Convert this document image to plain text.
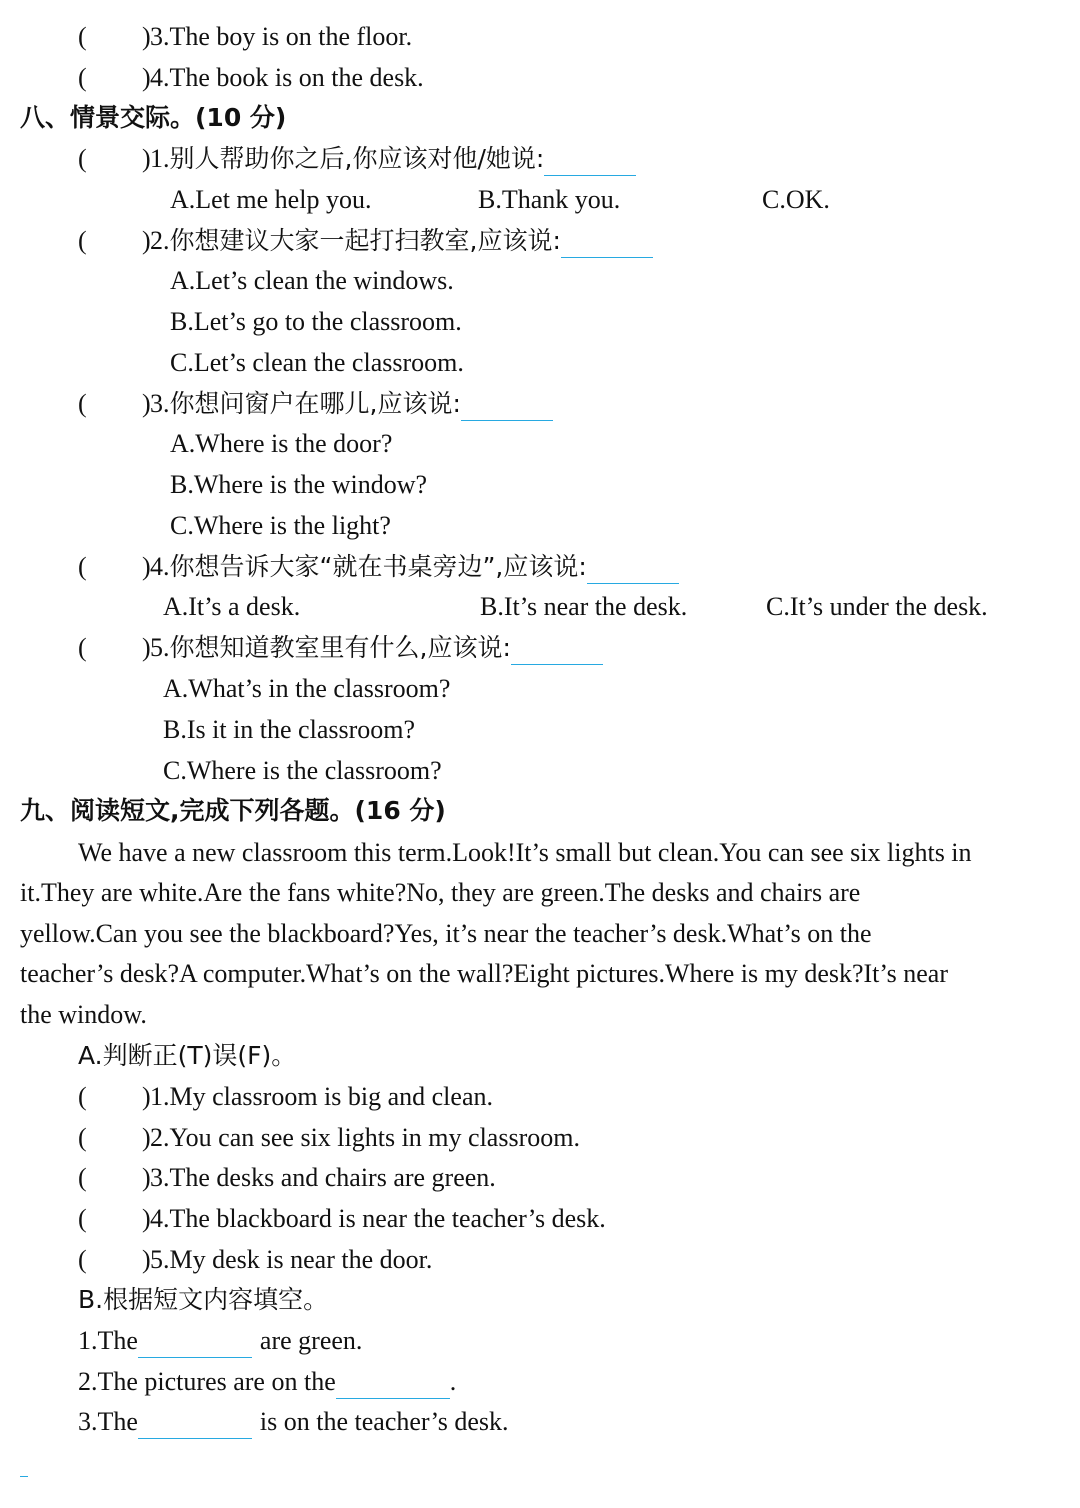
( ) 3.The boy is on the floor.
( ) 4.The book is on the desk.
八、情景交际。(10 分)
( ) 1.别人帮助你之后,你应该对他/她说:
A.Let me help you.	B.Thank you.	C.OK.
( ) 2.你想建议大家一起打扫教室,应该说:
A.Let’s clean the windows.
B.Let’s go to the classroom.
C.Let’s clean the classroom.
( ) 3.你想问窗户在哪儿,应该说:
A.Where is the door?
B.Where is the window?
C.Where is the light?
( ) 4.你想告诉大家“就在书桌旁边”,应该说:
A.It’s a desk.	B.It’s near the desk.	C.It’s under the desk.
( ) 5.你想知道教室里有什么,应该说:
A.What’s in the classroom?
B.Is it in the classroom?
C.Where is the classroom?
九、阅读短文,完成下列各题。(16 分)
We have a new classroom this term.Look!It’s small but clean.You can see six lights in
it.They are white.Are the fans white?No, they are green.The desks and chairs are
yellow.Can you see the blackboard?Yes, it’s near the teacher’s desk.What’s on the
teacher’s desk?A computer.What’s on the wall?Eight pictures.Where is my desk?It’s near
the window.
A.判断正(T)误(F)。
( ) 1.My classroom is big and clean.
( ) 2.You can see six lights in my classroom.
( ) 3.The desks and chairs are green.
( ) 4.The blackboard is near the teacher’s desk.
( ) 5.My desk is near the door.
B.根据短文内容填空。
1.The	are green.
2.The pictures are on the	.
3.The	is on the teacher’s desk.
